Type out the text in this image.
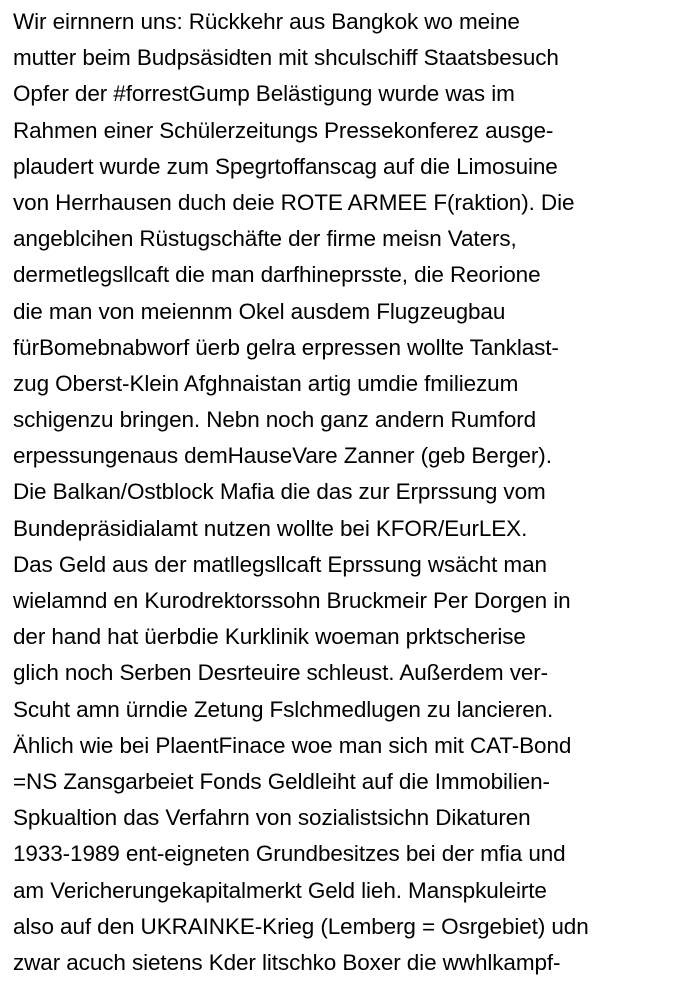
Wir eirnnern uns: Rückkehr aus Bangkok wo meine
mutter beim Budpsäsidten mit shculschiff Staatsbesuch
Opfer der #forrestGump Belästigung wurde was im
Rahmen einer Schülerzeitungs Pressekonferez ausge-
plaudert wurde zum Spegrtoffanscag auf die Limosuine
von Herrhausen duch deie ROTE ARMEE F(raktion). Die
angeblcihen Rüstugschäfte der firme meisn Vaters,
dermetlegsllcaft die man darfhineprsste, die Reorione
die man von meiennm Okel ausdem Flugzeugbau
fürBomebnabworf üerb gelra erpressen wollte Tanklast-
zug Oberst-Klein Afghnaistan artig umdie fmiliezum
schigenzu bringen. Nebn noch ganz andern Rumford
erpessungenaus demHauseVare Zanner (geb Berger).
Die Balkan/Ostblock Mafia die das zur Erprssung vom
Bundepräsidialamt nutzen wollte bei KFOR/EurLEX.
Das Geld aus der matllegsllcaft Eprssung wsächt man
wielamnd en Kurodrektorssohn Bruckmeir Per Dorgen in
der hand hat üerbdie Kurklinik woeman prktscherise
glich noch Serben Desrteuire schleust. Außerdem ver-
Scuht amn ürndie Zetung Fslchmedlugen zu lancieren.
Ählich wie bei PlaentFinace woe man sich mit CAT-Bond
=NS Zansgarbeiet Fonds Geldleiht auf die Immobilien-
Spkualtion das Verfahrn von sozialistsichn Dikaturen
1933-1989 ent-eigneten Grundbesitzes bei der mfia und
am Vericherungekapitalmerkt Geld lieh. Manspkuleirte
also auf den UKRAINKE-Krieg (Lemberg = Osrgebiet) udn
zwar acuch sietens Kder litschko Boxer die wwhlkampf-
